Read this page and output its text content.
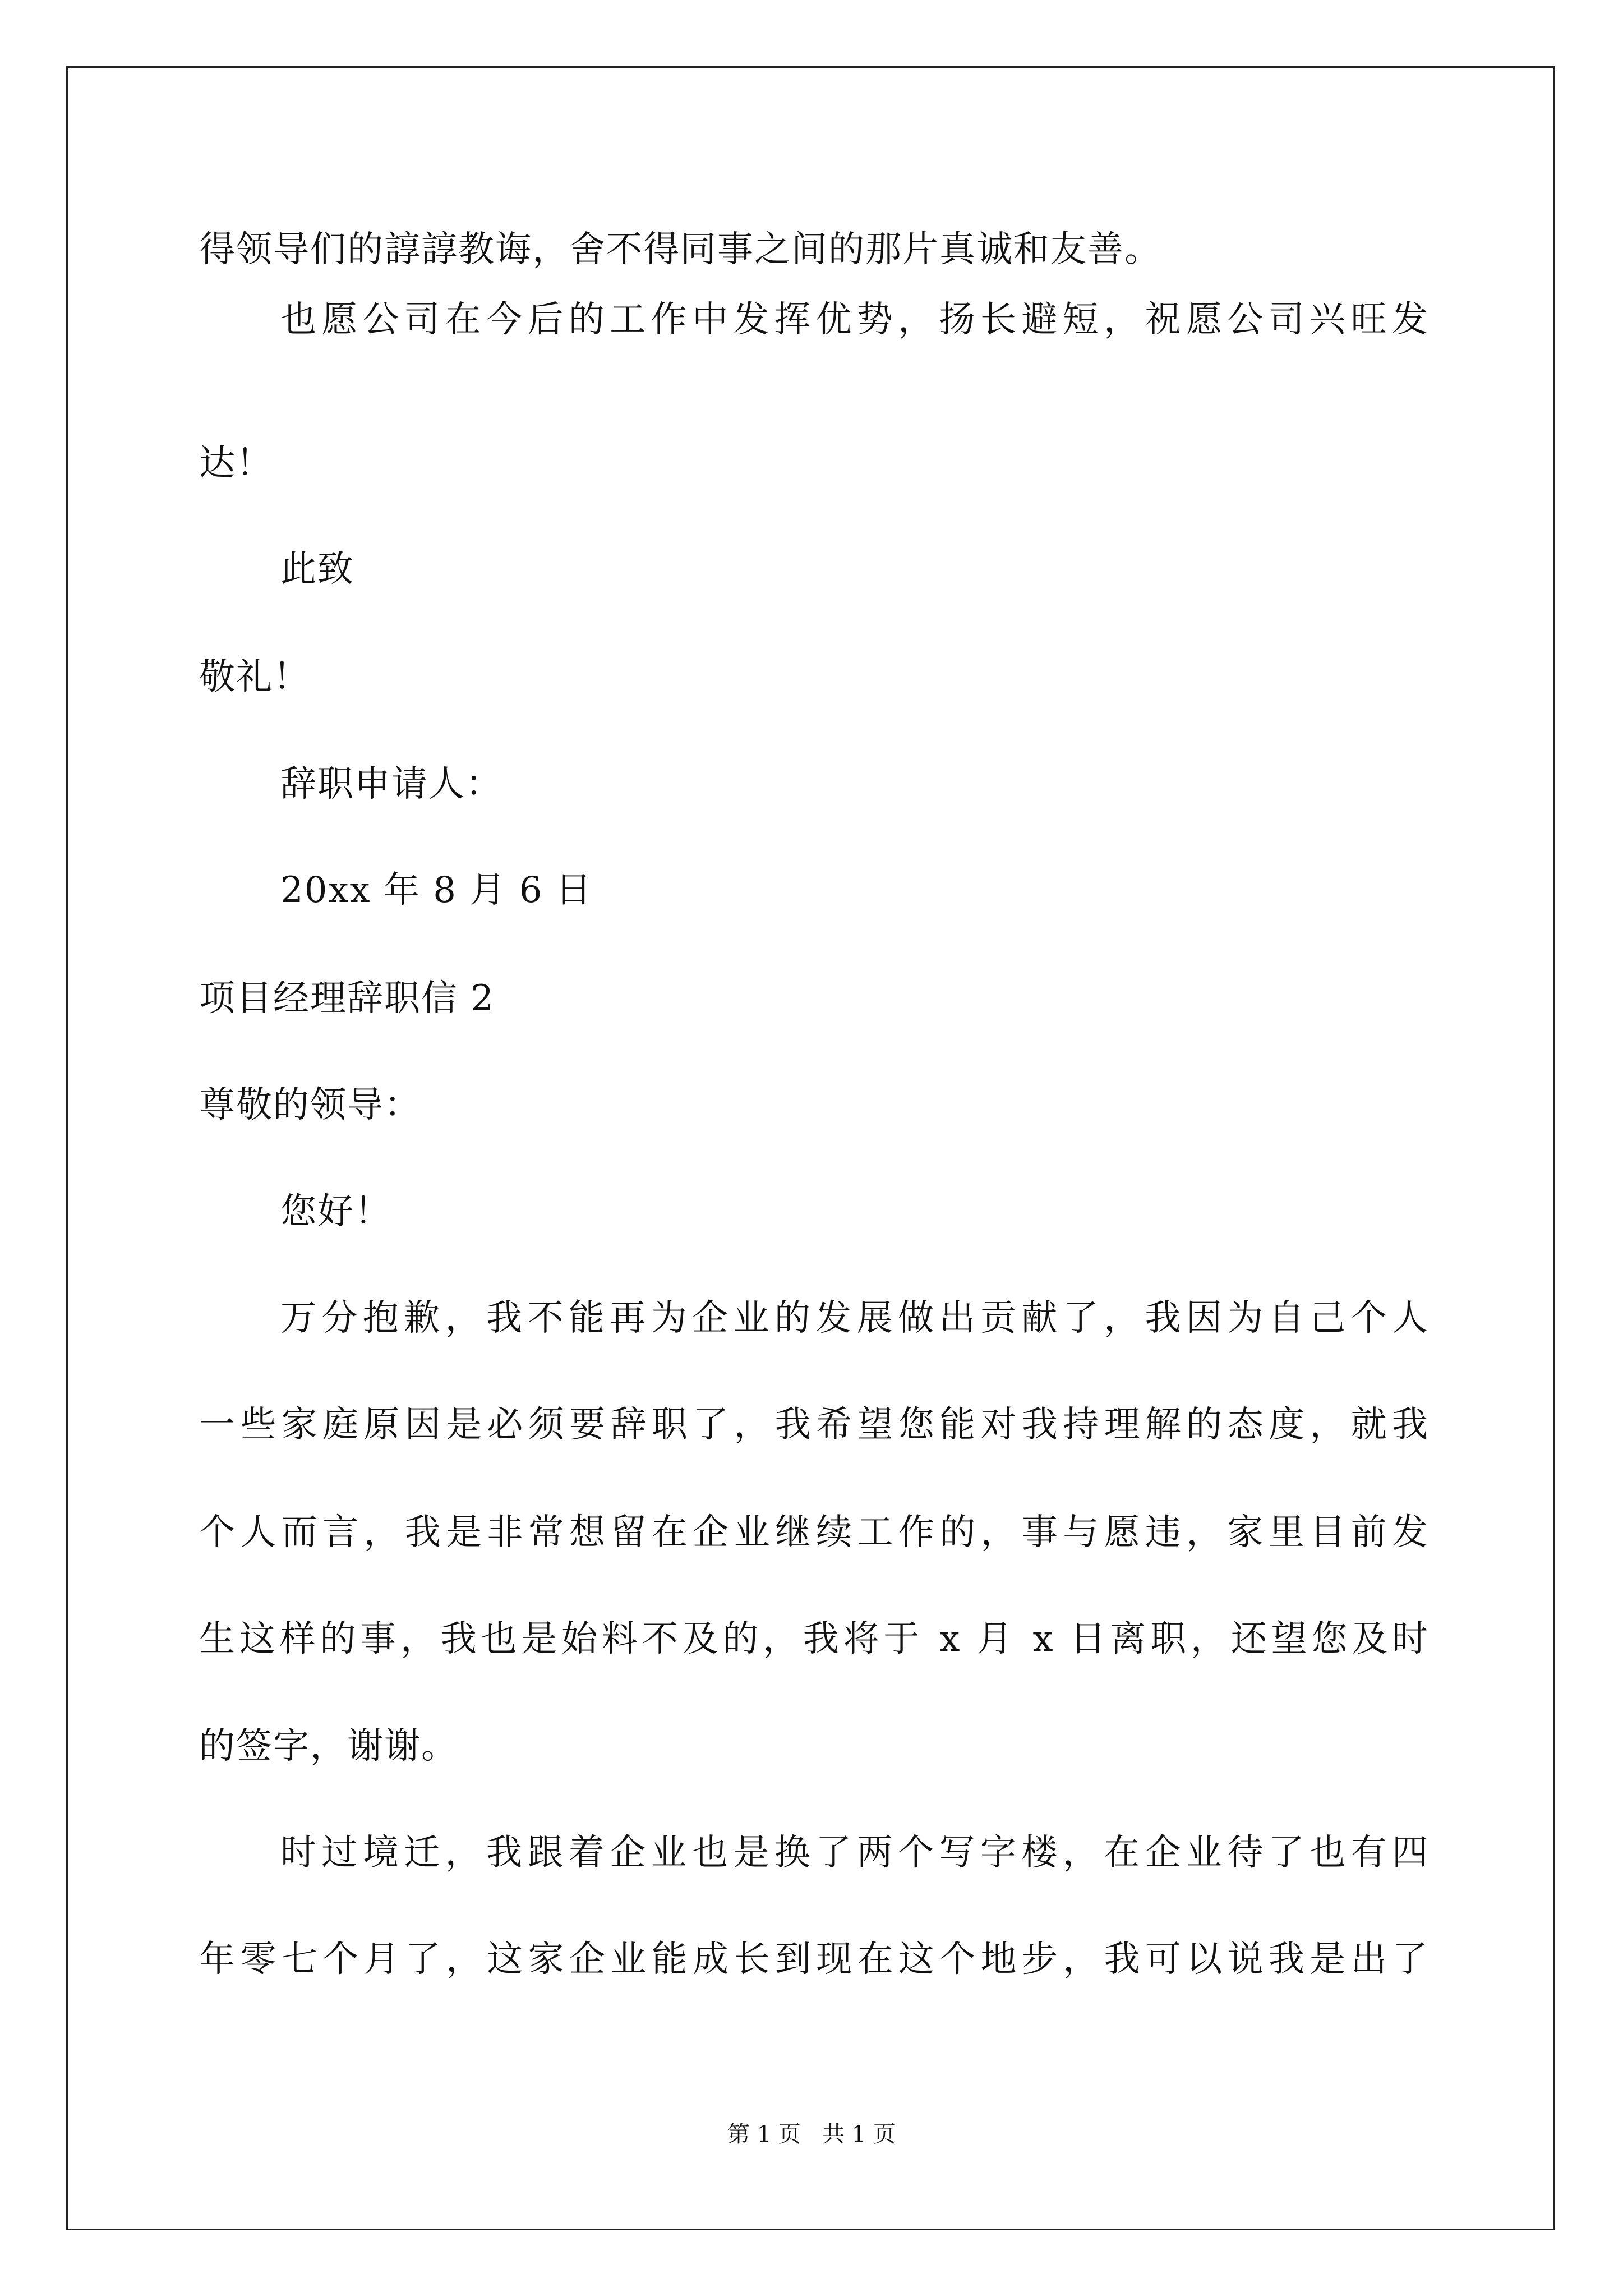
得领导们的諄諄教诲，舍不得同事之间的那片真诚和友善。
也愿公司在今后的工作中发挥优势，扬长避短，祝愿公司兴旺发
达！
此致
敬礼！
辞职申请人：
20xx 年 8 月 6 日
项目经理辞职信 2
尊敬的领导：
您好！
万分抱歉，我不能再为企业的发展做出贡献了，我因为自己个人
一些家庭原因是必须要辞职了，我希望您能对我持理解的态度，就我
个人而言，我是非常想留在企业继续工作的，事与愿违，家里目前发
生这样的事，我也是始料不及的，我将于 x 月 x 日离职，还望您及时
的签字，谢谢。
时过境迁，我跟着企业也是换了两个写字楼，在企业待了也有四
年零七个月了，这家企业能成长到现在这个地步，我可以说我是出了
第 1 页   共 1 页
